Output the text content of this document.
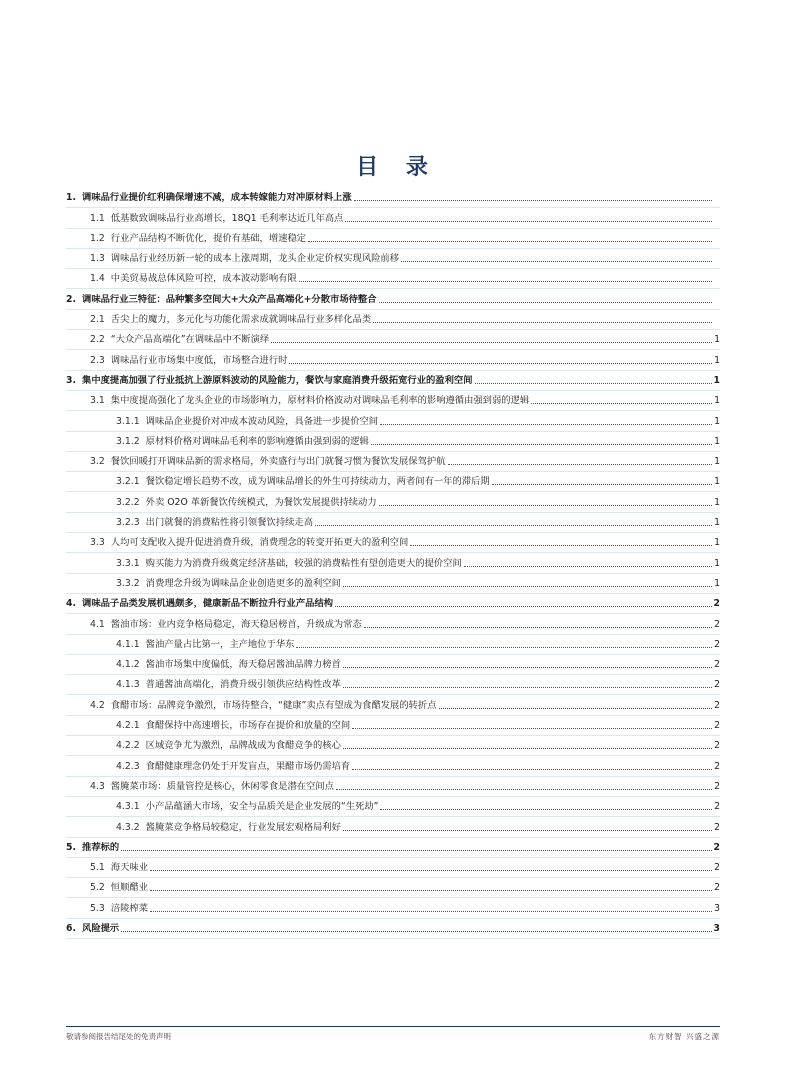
目 录
1. 调味品行业提价红利确保增速不减，成本转嫁能力对冲原材料上涨
1.1 低基数致调味品行业高增长，18Q1 毛利率达近几年高点
1.2 行业产品结构不断优化，提价有基础，增速稳定
1.3 调味品行业经历新一轮的成本上涨周期，龙头企业定价权实现风险前移
1.4 中美贸易战总体风险可控，成本波动影响有限
2. 调味品行业三特征：品种繁多空间大+大众产品高端化+分散市场待整合
2.1 舌尖上的魔力，多元化与功能化需求成就调味品行业多样化品类
2.2 “大众产品高端化”在调味品中不断演绎	1
2.3 调味品行业市场集中度低，市场整合进行时	1
3. 集中度提高加强了行业抵抗上游原料波动的风险能力，餐饮与家庭消费升级拓宽行业的盈利空间	1
3.1 集中度提高强化了龙头企业的市场影响力，原材料价格波动对调味品毛利率的影响遵循由强到弱的逻辑	1
3.1.1 调味品企业提价对冲成本波动风险，具备进一步提价空间	1
3.1.2 原材料价格对调味品毛利率的影响遵循由强到弱的逻辑	1
3.2 餐饮回暖打开调味品新的需求格局，外卖盛行与出门就餐习惯为餐饮发展保驾护航	1
3.2.1 餐饮稳定增长趋势不改，成为调味品增长的外生可持续动力，两者间有一年的滞后期	1
3.2.2 外卖 O2O 革新餐饮传统模式，为餐饮发展提供持续动力	1
3.2.3 出门就餐的消费粘性将引领餐饮持续走高	1
3.3 人均可支配收入提升促进消费升级，消费理念的转变开拓更大的盈利空间	1
3.3.1 购买能力为消费升级奠定经济基础，较强的消费粘性有望创造更大的提价空间	1
3.3.2 消费理念升级为调味品企业创造更多的盈利空间	1
4. 调味品子品类发展机遇颇多，健康新品不断拉升行业产品结构	2
4.1 酱油市场：业内竞争格局稳定，海天稳居榜首，升级成为常态	2
4.1.1 酱油产量占比第一，主产地位于华东	2
4.1.2 酱油市场集中度偏低，海天稳居酱油品牌力榜首	2
4.1.3 普通酱油高端化，消费升级引领供应结构性改革	2
4.2 食醋市场：品牌竞争激烈，市场待整合，“健康”卖点有望成为食醋发展的转折点	2
4.2.1 食醋保持中高速增长，市场存在提价和放量的空间	2
4.2.2 区域竞争尤为激烈，品牌战成为食醋竞争的核心	2
4.2.3 食醋健康理念仍处于开发盲点，果醋市场仍需培育	2
4.3 酱腌菜市场：质量管控是核心，休闲零食是潜在空间点	2
4.3.1 小产品蕴涵大市场，安全与品质关是企业发展的“生死劫”	2
4.3.2 酱腌菜竞争格局较稳定，行业发展宏观格局利好	2
5. 推荐标的	2
5.1 海天味业	2
5.2 恒顺醋业	2
5.3 涪陵榨菜	3
6. 风险提示	3
敬请参阅报告结尾处的免责声明	东方财智 兴盛之源
